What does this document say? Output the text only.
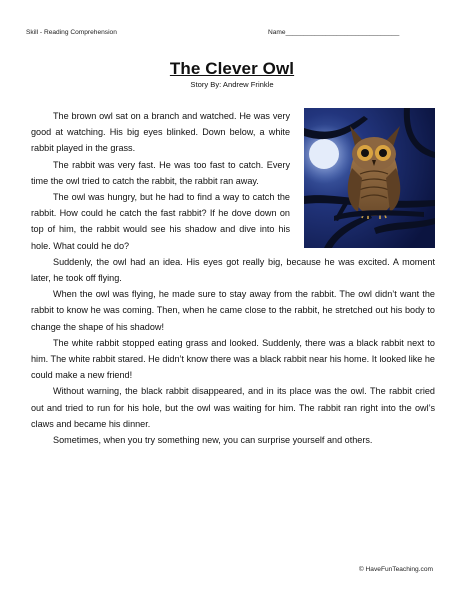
Skill - Reading Comprehension	Name_______________________________
The Clever Owl
Story By: Andrew Frinkle

The brown owl sat on a branch and watched. He was very good at watching. His big eyes blinked. Down below, a white rabbit played in the grass.

The rabbit was very fast. He was too fast to catch. Every time the owl tried to catch the rabbit, the rabbit ran away.

The owl was hungry, but he had to find a way to catch the rabbit. How could he catch the fast rabbit? If he dove down on top of him, the rabbit would see his shadow and dive into his hole. What could he do?

Suddenly, the owl had an idea. His eyes got really big, because he was excited. A moment later, he took off flying.

When the owl was flying, he made sure to stay away from the rabbit. The owl didn’t want the rabbit to know he was coming. Then, when he came close to the rabbit, he stretched out his body to change the shape of his shadow!

The white rabbit stopped eating grass and looked. Suddenly, there was a black rabbit next to him. The white rabbit stared. He didn’t know there was a black rabbit near his home. It looked like he could make a new friend!

Without warning, the black rabbit disappeared, and in its place was the owl. The rabbit cried out and tried to run for his hole, but the owl was waiting for him. The rabbit ran right into the owl’s claws and became his dinner.

Sometimes, when you try something new, you can surprise yourself and others.

© HaveFunTeaching.com
